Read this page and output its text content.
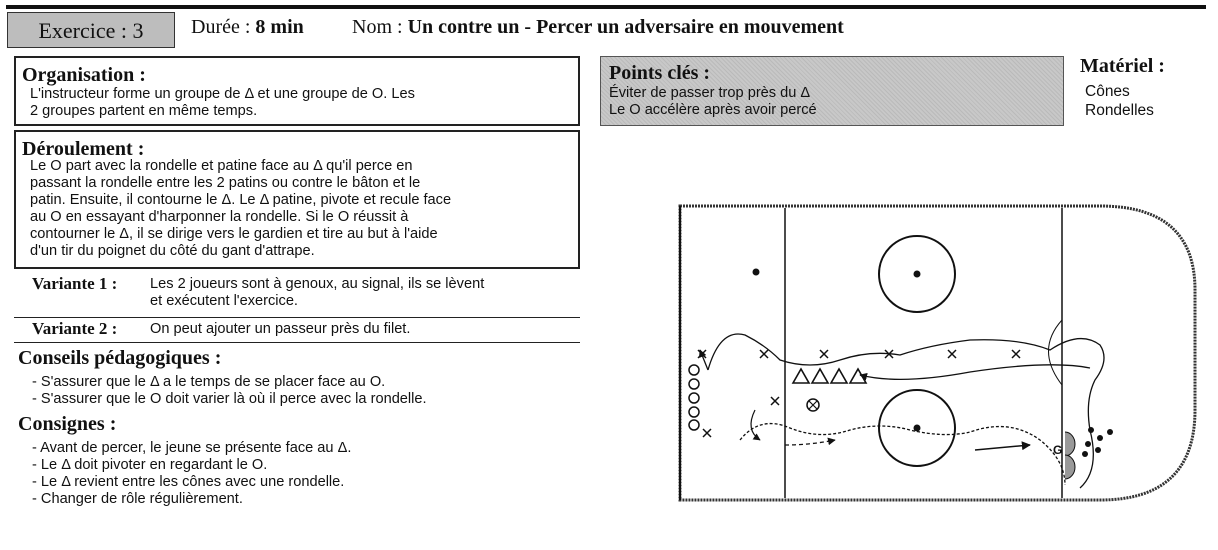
Exercice : 3	Durée : 8 min Nom : Un contre un - Percer un adversaire en mouvement
Organisation :
L'instructeur forme un groupe de Δ et une groupe de O. Les
2 groupes partent en même temps.
Déroulement :
Le O part avec la rondelle et patine face au Δ qu'il perce en
passant la rondelle entre les 2 patins ou contre le bâton et le
patin. Ensuite, il contourne le Δ. Le Δ patine, pivote et recule face
au O en essayant d'harponner la rondelle. Si le O réussit à
contourner le Δ, il se dirige vers le gardien et tire au but à l'aide
d'un tir du poignet du côté du gant d'attrape.
Variante 1 : Les 2 joueurs sont à genoux, au signal, ils se lèvent
et exécutent l'exercice.
Variante 2 : On peut ajouter un passeur près du filet.
Conseils pédagogiques :
- S'assurer que le Δ a le temps de se placer face au O.
- S'assurer que le O doit varier là où il perce avec la rondelle.
Consignes :
- Avant de percer, le jeune se présente face au Δ.
- Le Δ doit pivoter en regardant le O.
- Le Δ revient entre les cônes avec une rondelle.
- Changer de rôle régulièrement.
Points clés :
Éviter de passer trop près du Δ
Le O accélère après avoir percé
Matériel :
Cônes
Rondelles
G
